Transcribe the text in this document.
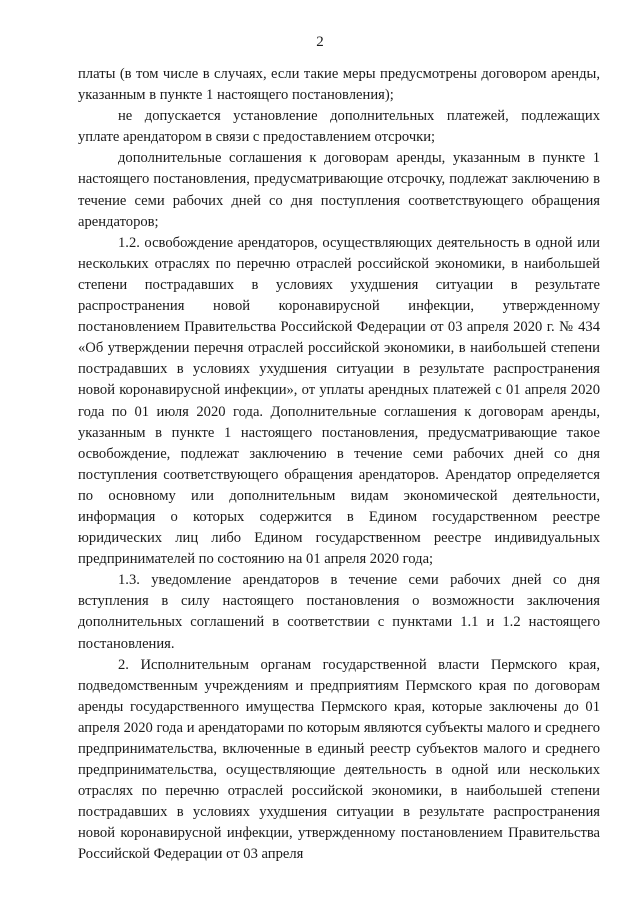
2

платы (в том числе в случаях, если такие меры предусмотрены договором аренды, указанным в пункте 1 настоящего постановления);

не допускается установление дополнительных платежей, подлежащих уплате арендатором в связи с предоставлением отсрочки;

дополнительные соглашения к договорам аренды, указанным в пункте 1 настоящего постановления, предусматривающие отсрочку, подлежат заключению в течение семи рабочих дней со дня поступления соответствующего обращения арендаторов;

1.2. освобождение арендаторов, осуществляющих деятельность в одной или нескольких отраслях по перечню отраслей российской экономики, в наибольшей степени пострадавших в условиях ухудшения ситуации в результате распространения новой коронавирусной инфекции, утвержденному постановлением Правительства Российской Федерации от 03 апреля 2020 г. № 434 «Об утверждении перечня отраслей российской экономики, в наибольшей степени пострадавших в условиях ухудшения ситуации в результате распространения новой коронавирусной инфекции», от уплаты арендных платежей с 01 апреля 2020 года по 01 июля 2020 года. Дополнительные соглашения к договорам аренды, указанным в пункте 1 настоящего постановления, предусматривающие такое освобождение, подлежат заключению в течение семи рабочих дней со дня поступления соответствующего обращения арендаторов. Арендатор определяется по основному или дополнительным видам экономической деятельности, информация о которых содержится в Едином государственном реестре юридических лиц либо Едином государственном реестре индивидуальных предпринимателей по состоянию на 01 апреля 2020 года;

1.3. уведомление арендаторов в течение семи рабочих дней со дня вступления в силу настоящего постановления о возможности заключения дополнительных соглашений в соответствии с пунктами 1.1 и 1.2 настоящего постановления.

2. Исполнительным органам государственной власти Пермского края, подведомственным учреждениям и предприятиям Пермского края по договорам аренды государственного имущества Пермского края, которые заключены до 01 апреля 2020 года и арендаторами по которым являются субъекты малого и среднего предпринимательства, включенные в единый реестр субъектов малого и среднего предпринимательства, осуществляющие деятельность в одной или нескольких отраслях по перечню отраслей российской экономики, в наибольшей степени пострадавших в условиях ухудшения ситуации в результате распространения новой коронавирусной инфекции, утвержденному постановлением Правительства Российской Федерации от 03 апреля
